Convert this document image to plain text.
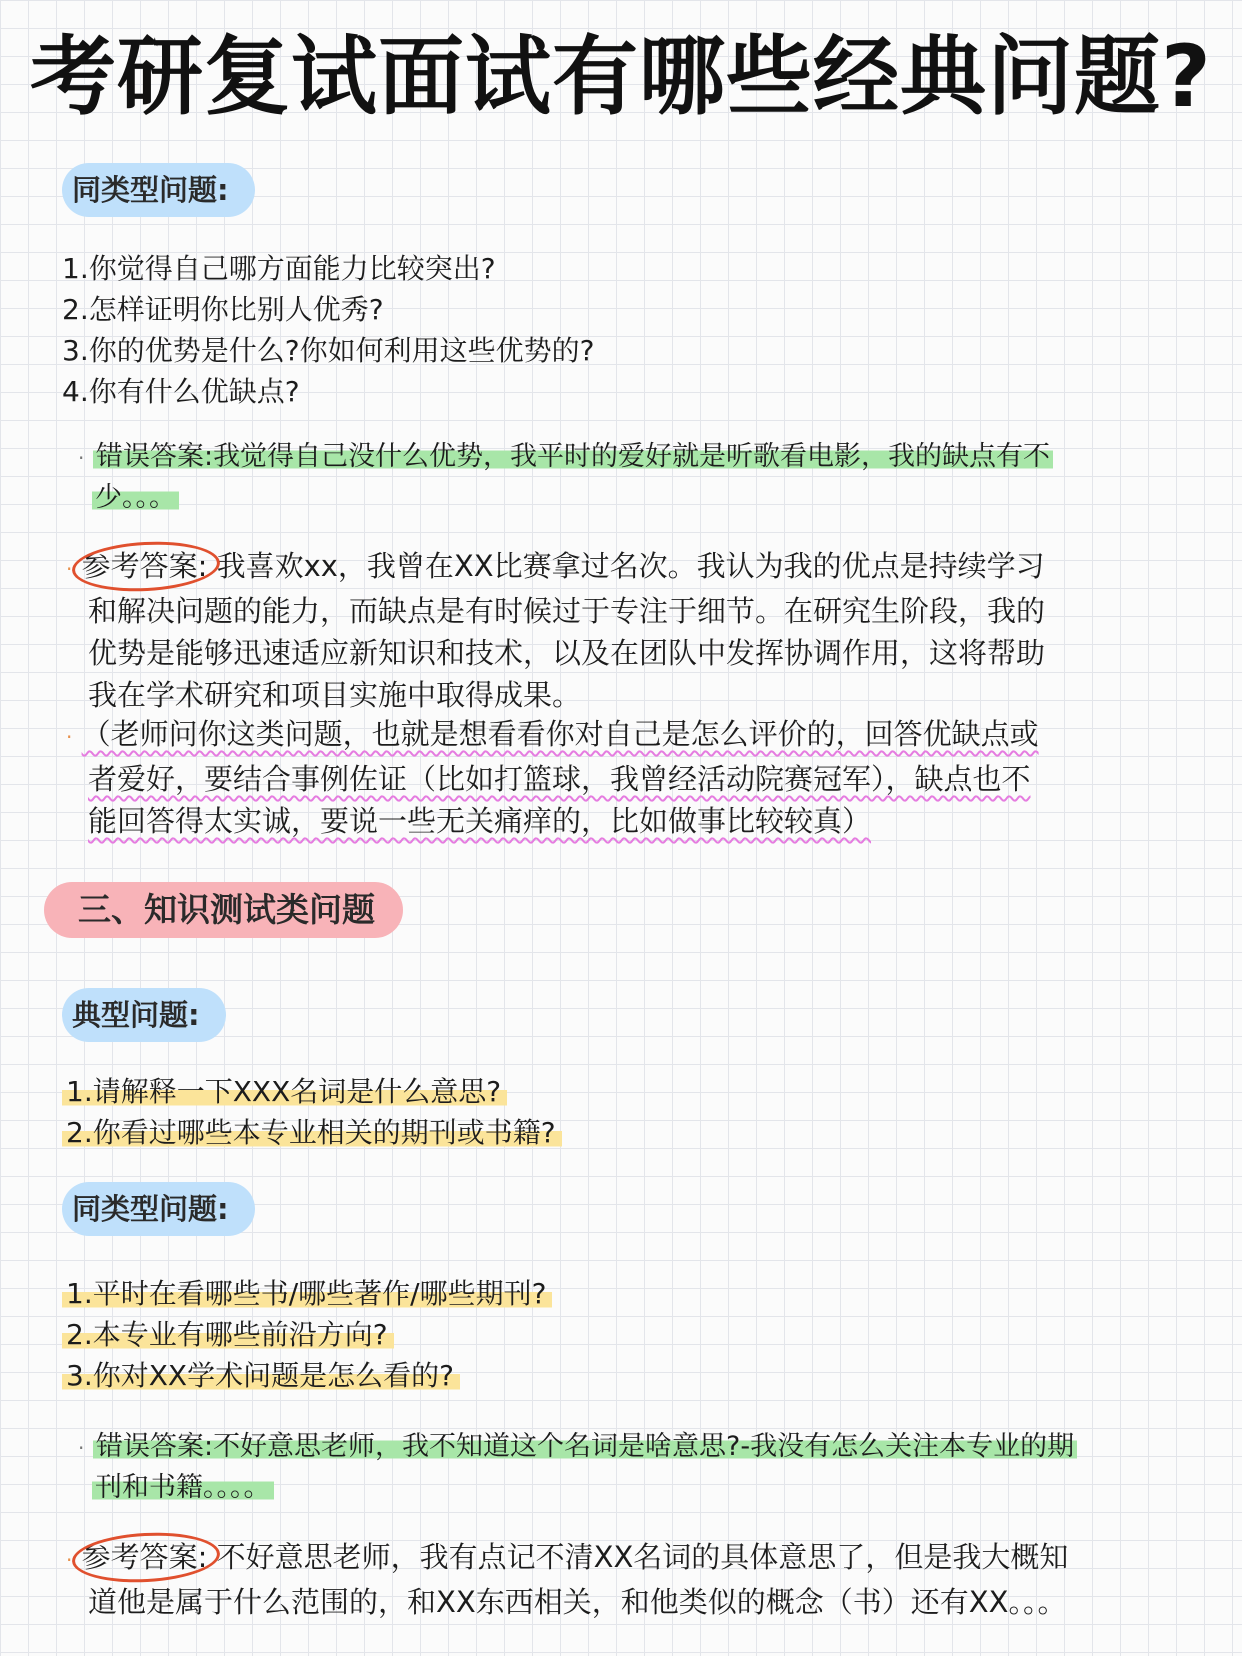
考研复试面试有哪些经典问题?
同类型问题:
1.你觉得自己哪方面能力比较突出?
2.怎样证明你比别人优秀?
3.你的优势是什么?你如何利用这些优势的?
4.你有什么优缺点?
· 错误答案:我觉得自己没什么优势，我平时的爱好就是听歌看电影，我的缺点有不
少。。。
· 参考答案: 我喜欢xx，我曾在XX比赛拿过名次。我认为我的优点是持续学习
和解决问题的能力，而缺点是有时候过于专注于细节。在研究生阶段，我的
优势是能够迅速适应新知识和技术，以及在团队中发挥协调作用，这将帮助
我在学术研究和项目实施中取得成果。
· （老师问你这类问题，也就是想看看你对自己是怎么评价的，回答优缺点或
者爱好，要结合事例佐证（比如打篮球，我曾经活动院赛冠军），缺点也不
能回答得太实诚，要说一些无关痛痒的，比如做事比较较真）
三、知识测试类问题
典型问题:
1.请解释一下XXX名词是什么意思?
2.你看过哪些本专业相关的期刊或书籍?
同类型问题:
1.平时在看哪些书/哪些著作/哪些期刊?
2.本专业有哪些前沿方向?
3.你对XX学术问题是怎么看的?
· 错误答案:不好意思老师，我不知道这个名词是啥意思?-我没有怎么关注本专业的期
刊和书籍。。。。
· 参考答案: 不好意思老师，我有点记不清XX名词的具体意思了，但是我大概知
道他是属于什么范围的，和XX东西相关，和他类似的概念（书）还有XX。。。
